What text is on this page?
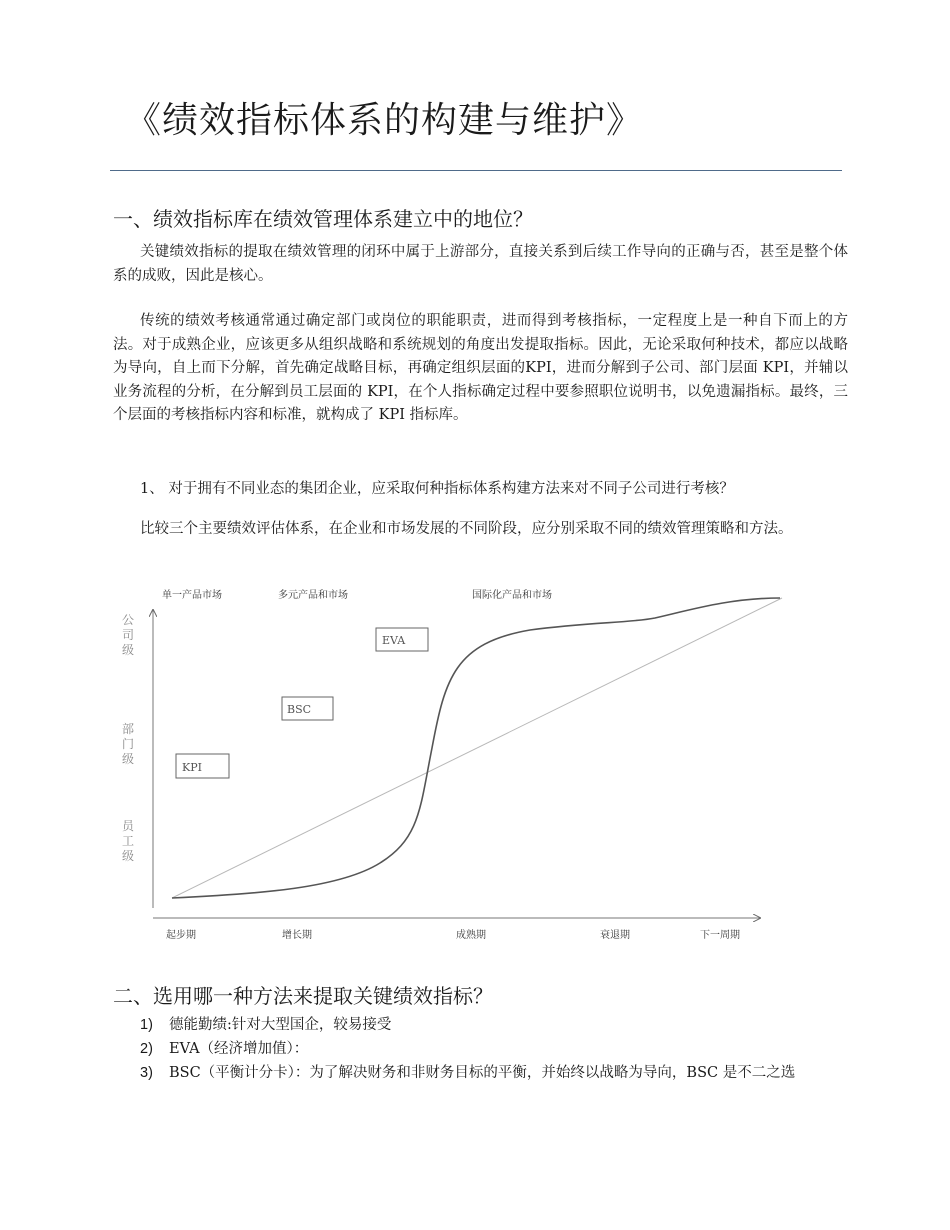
《绩效指标体系的构建与维护》
一、绩效指标库在绩效管理体系建立中的地位？

关键绩效指标的提取在绩效管理的闭环中属于上游部分，直接关系到后续工作导向的正确与否，甚至是整个体系的成败，因此是核心。

传统的绩效考核通常通过确定部门或岗位的职能职责，进而得到考核指标，一定程度上是一种自下而上的方法。对于成熟企业，应该更多从组织战略和系统规划的角度出发提取指标。因此，无论采取何种技术，都应以战略为导向，自上而下分解，首先确定战略目标，再确定组织层面的KPI，进而分解到子公司、部门层面 KPI，并辅以业务流程的分析，在分解到员工层面的 KPI，在个人指标确定过程中要参照职位说明书，以免遗漏指标。最终，三个层面的考核指标内容和标准，就构成了 KPI 指标库。

1、 对于拥有不同业态的集团企业，应采取何种指标体系构建方法来对不同子公司进行考核？

比较三个主要绩效评估体系，在企业和市场发展的不同阶段，应分别采取不同的绩效管理策略和方法。

单一产品市场	多元产品和市场	国际化产品和市场
起步期	增长期	成熟期	衰退期	下一周期
公司级
部门级
员工级
EVA
BSC
KPI
二、选用哪一种方法来提取关键绩效指标？
1)	德能勤绩:针对大型国企，较易接受
2)	EVA（经济增加值）：
3)	BSC（平衡计分卡）：为了解决财务和非财务目标的平衡，并始终以战略为导向，BSC 是不二之选
